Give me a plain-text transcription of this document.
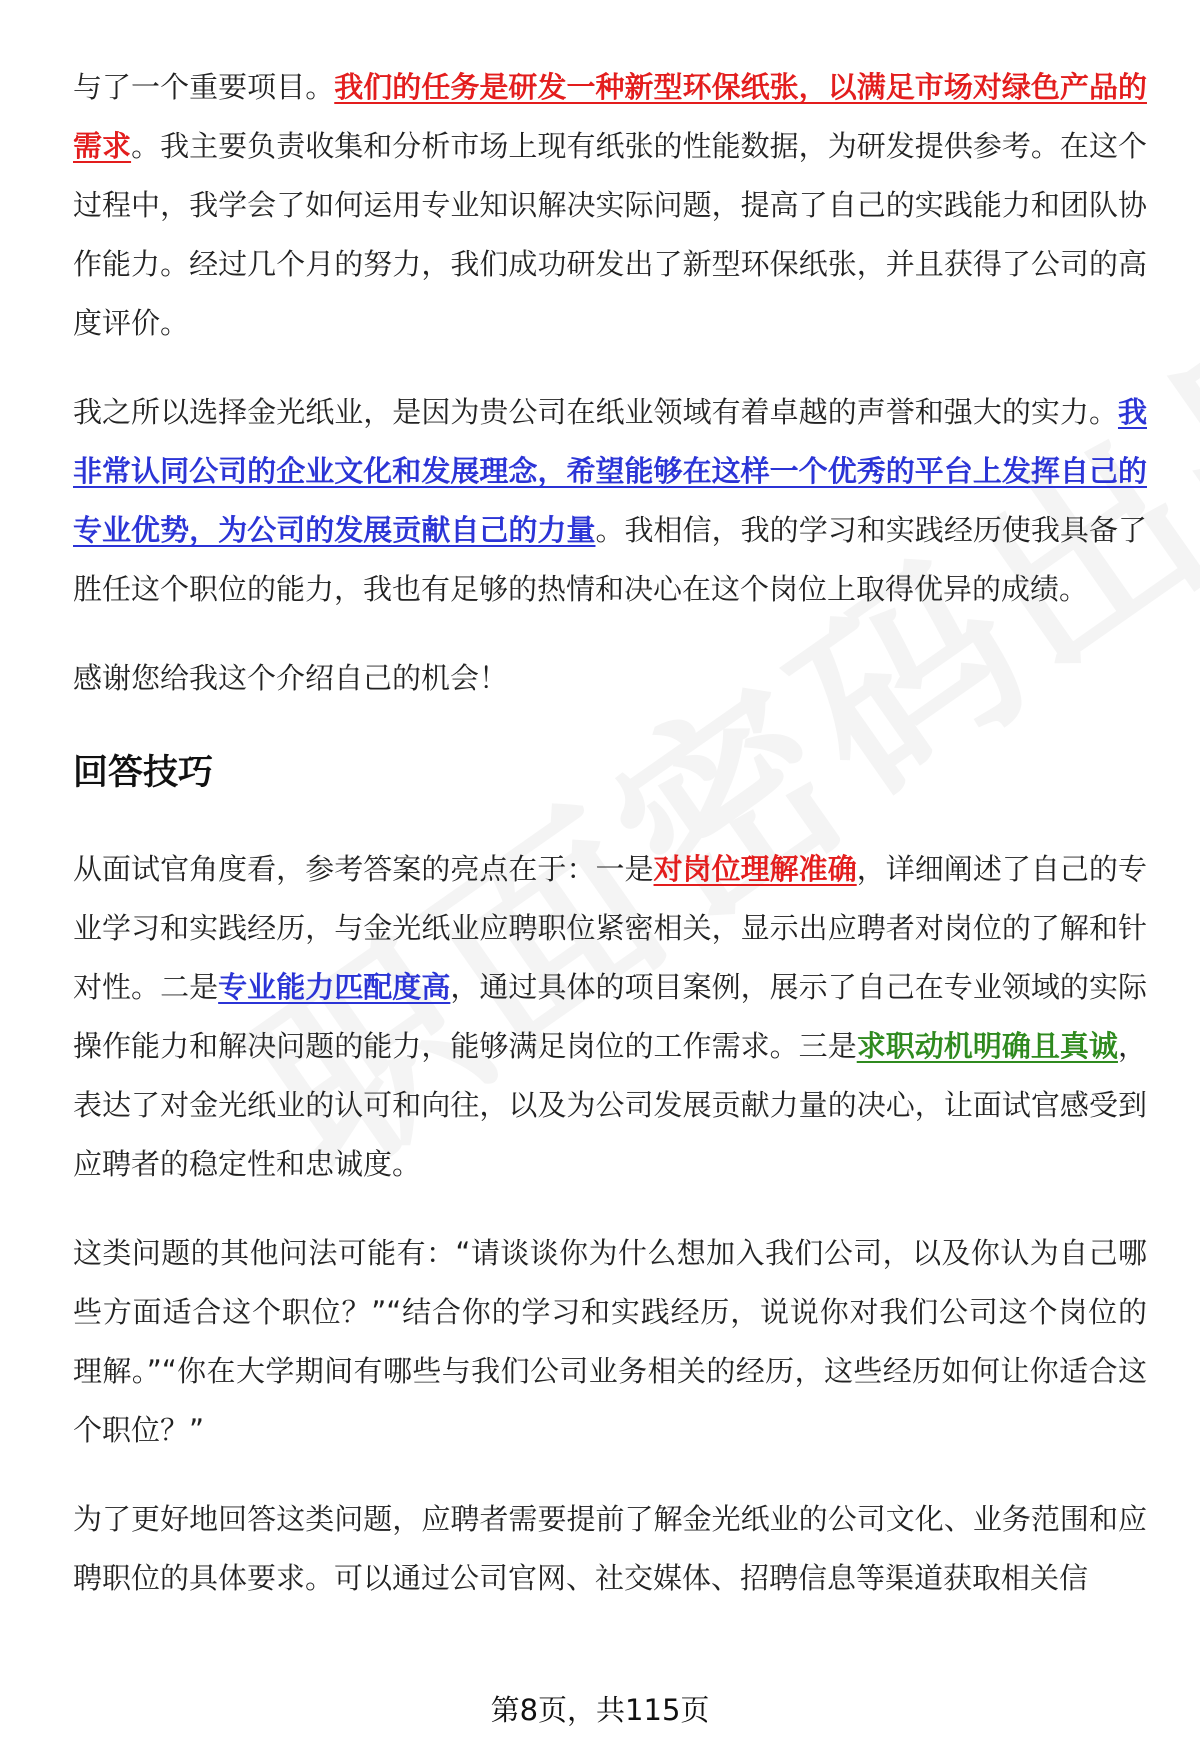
与了一个重要项目。我们的任务是研发一种新型环保纸张，以满足市场对绿色产品的需求。我主要负责收集和分析市场上现有纸张的性能数据，为研发提供参考。在这个过程中，我学会了如何运用专业知识解决实际问题，提高了自己的实践能力和团队协作能力。经过几个月的努力，我们成功研发出了新型环保纸张，并且获得了公司的高度评价。

我之所以选择金光纸业，是因为贵公司在纸业领域有着卓越的声誉和强大的实力。我非常认同公司的企业文化和发展理念，希望能够在这样一个优秀的平台上发挥自己的专业优势，为公司的发展贡献自己的力量。我相信，我的学习和实践经历使我具备了胜任这个职位的能力，我也有足够的热情和决心在这个岗位上取得优异的成绩。

感谢您给我这个介绍自己的机会！

回答技巧

从面试官角度看，参考答案的亮点在于：一是对岗位理解准确，详细阐述了自己的专业学习和实践经历，与金光纸业应聘职位紧密相关，显示出应聘者对岗位的了解和针对性。二是专业能力匹配度高，通过具体的项目案例，展示了自己在专业领域的实际操作能力和解决问题的能力，能够满足岗位的工作需求。三是求职动机明确且真诚，表达了对金光纸业的认可和向往，以及为公司发展贡献力量的决心，让面试官感受到应聘者的稳定性和忠诚度。

这类问题的其他问法可能有：“请谈谈你为什么想加入我们公司，以及你认为自己哪些方面适合这个职位？”“结合你的学习和实践经历，说说你对我们公司这个岗位的理解。”“你在大学期间有哪些与我们公司业务相关的经历，这些经历如何让你适合这个职位？”

为了更好地回答这类问题，应聘者需要提前了解金光纸业的公司文化、业务范围和应聘职位的具体要求。可以通过公司官网、社交媒体、招聘信息等渠道获取相关信

第8页，共115页
